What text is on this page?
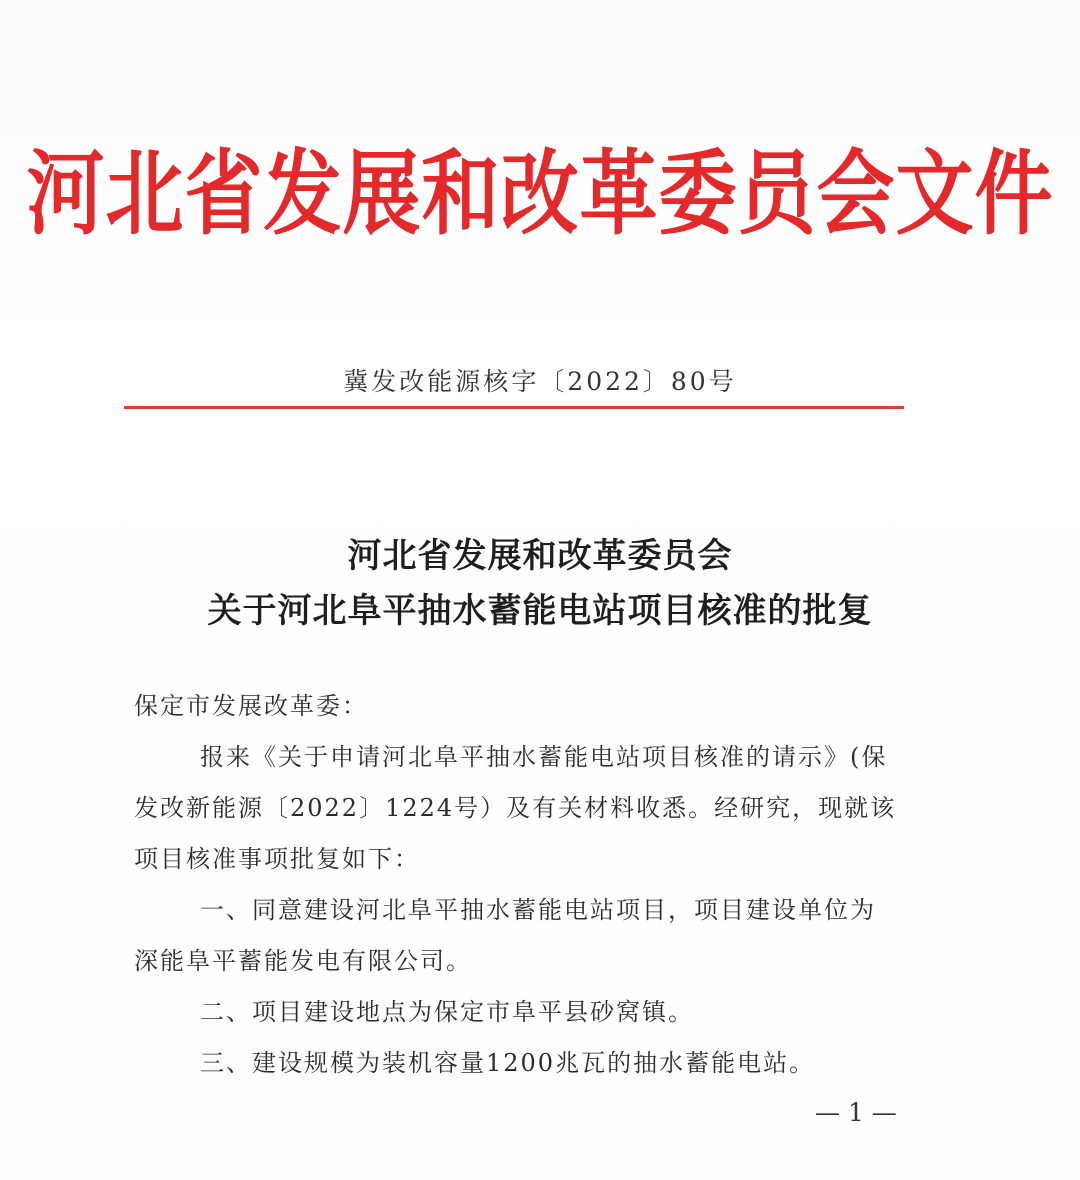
河北省发展和改革委员会文件
冀发改能源核字〔2022〕80号
河北省发展和改革委员会
关于河北阜平抽水蓄能电站项目核准的批复
保定市发展改革委：
报来《关于申请河北阜平抽水蓄能电站项目核准的请示》(保
发改新能源〔2022〕1224号）及有关材料收悉。经研究，现就该
项目核准事项批复如下：
一、同意建设河北阜平抽水蓄能电站项目，项目建设单位为
深能阜平蓄能发电有限公司。
二、项目建设地点为保定市阜平县砂窝镇。
三、建设规模为装机容量1200兆瓦的抽水蓄能电站。
— 1 —
